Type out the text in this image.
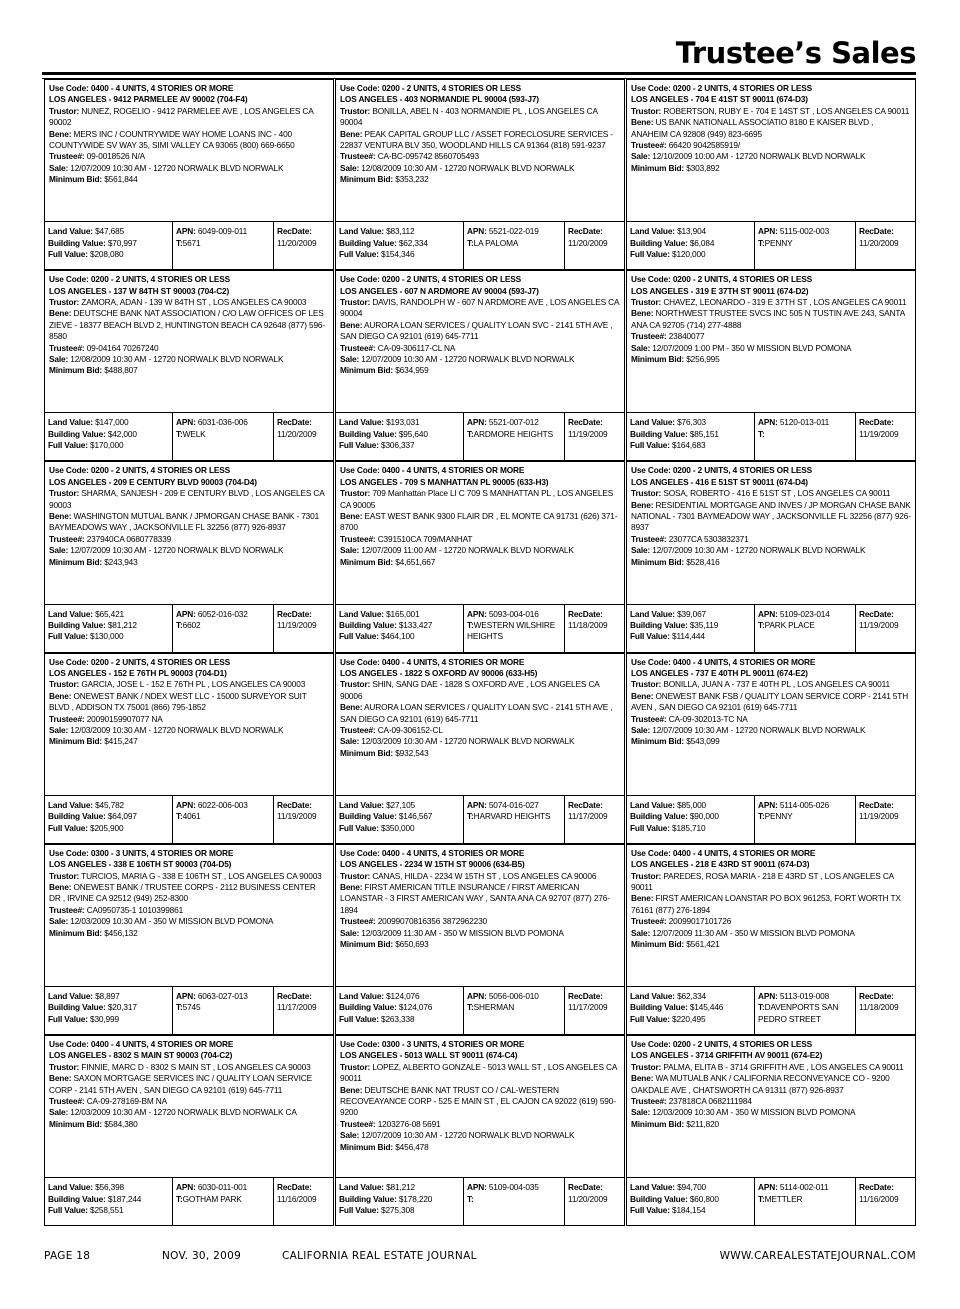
Trustee’s Sales
Use Code: 0400 - 4 UNITS, 4 STORIES OR MORE
LOS ANGELES - 9412 PARMELEE AV 90002 (704-F4)
Trustor: NUNEZ, ROGELIO - 9412 PARMELEE AVE , LOS ANGELES CA 90002
Bene: MERS INC / COUNTRYWIDE WAY HOME LOANS INC - 400 COUNTYWIDE SV WAY 35, SIMI VALLEY CA 93065 (800) 669-6650
Trustee#: 09-0018526 N/A
Sale: 12/07/2009 10:30 AM - 12720 NORWALK BLVD NORWALK
Minimum Bid: $561,844
Land Value: $47,685
Building Value: $70,997
Full Value: $208,080
APN: 6049-009-011
T:5671
RecDate:
11/20/2009
Use Code: 0200 - 2 UNITS, 4 STORIES OR LESS
LOS ANGELES - 403 NORMANDIE PL 90004 (593-J7)
Trustor: BONILLA, ABEL N - 403 NORMANDIE PL , LOS ANGELES CA 90004
Bene: PEAK CAPITAL GROUP LLC / ASSET FORECLOSURE SERVICES - 22837 VENTURA BLV 350, WOODLAND HILLS CA 91364 (818) 591-9237
Trustee#: CA-BC-095742 8560705493
Sale: 12/08/2009 10:30 AM - 12720 NORWALK BLVD NORWALK
Minimum Bid: $353,232
Land Value: $83,112
Building Value: $62,334
Full Value: $154,346
APN: 5521-022-019
T:LA PALOMA
RecDate:
11/20/2009
Use Code: 0200 - 2 UNITS, 4 STORIES OR LESS
LOS ANGELES - 704 E 41ST ST 90011 (674-D3)
Trustor: ROBERTSON, RUBY E - 704 E 14ST ST , LOS ANGELES CA 90011
Bene: US BANK NATIONALL ASSOCIATIO 8180 E KAISER BLVD , ANAHEIM CA 92808 (949) 823-6695
Trustee#: 66420 9042585919/
Sale: 12/10/2009 10:00 AM - 12720 NORWALK BLVD NORWALK
Minimum Bid: $303,892
Land Value: $13,904
Building Value: $6,084
Full Value: $120,000
APN: 5115-002-003
T:PENNY
RecDate:
11/20/2009
Use Code: 0200 - 2 UNITS, 4 STORIES OR LESS
LOS ANGELES - 137 W 84TH ST 90003 (704-C2)
Trustor: ZAMORA, ADAN - 139 W 84TH ST , LOS ANGELES CA 90003
Bene: DEUTSCHE BANK NAT ASSOCIATION / C/O LAW OFFICES OF LES ZIEVE - 18377 BEACH BLVD 2, HUNTINGTON BEACH CA 92648 (877) 596-8580
Trustee#: 09-04164 70267240
Sale: 12/08/2009 10:30 AM - 12720 NORWALK BLVD NORWALK
Minimum Bid: $488,807
Land Value: $147,000
Building Value: $42,000
Full Value: $170,000
APN: 6031-036-006
T:WELK
RecDate:
11/20/2009
Use Code: 0200 - 2 UNITS, 4 STORIES OR LESS
LOS ANGELES - 607 N ARDMORE AV 90004 (593-J7)
Trustor: DAVIS, RANDOLPH W - 607 N ARDMORE AVE , LOS ANGELES CA 90004
Bene: AURORA LOAN SERVICES / QUALITY LOAN SVC - 2141 5TH AVE , SAN DIEGO CA 92101 (619) 645-7711
Trustee#: CA-09-306117-CL NA
Sale: 12/07/2009 10:30 AM - 12720 NORWALK BLVD NORWALK
Minimum Bid: $634,959
Land Value: $193,031
Building Value: $95,640
Full Value: $306,337
APN: 5521-007-012
T:ARDMORE HEIGHTS
RecDate:
11/19/2009
Use Code: 0200 - 2 UNITS, 4 STORIES OR LESS
LOS ANGELES - 319 E 37TH ST 90011 (674-D2)
Trustor: CHAVEZ, LEONARDO - 319 E 37TH ST , LOS ANGELES CA 90011
Bene: NORTHWEST TRUSTEE SVCS INC 505 N TUSTIN AVE 243, SANTA ANA CA 92705 (714) 277-4888
Trustee#: 23840077
Sale: 12/07/2009 1:00 PM - 350 W MISSION BLVD POMONA
Minimum Bid: $256,995
Land Value: $76,303
Building Value: $85,151
Full Value: $164,683
APN: 5120-013-011
T:
RecDate:
11/19/2009
Use Code: 0200 - 2 UNITS, 4 STORIES OR LESS
LOS ANGELES - 209 E CENTURY BLVD 90003 (704-D4)
Trustor: SHARMA, SANJESH - 209 E CENTURY BLVD , LOS ANGELES CA 90003
Bene: WASHINGTON MUTUAL BANK / JPMORGAN CHASE BANK - 7301 BAYMEADOWS WAY , JACKSONVILLE FL 32256 (877) 926-8937
Trustee#: 237940CA 0680778339
Sale: 12/07/2009 10:30 AM - 12720 NORWALK BLVD NORWALK
Minimum Bid: $243,943
Land Value: $65,421
Building Value: $81,212
Full Value: $130,000
APN: 6052-016-032
T:6602
RecDate:
11/19/2009
Use Code: 0400 - 4 UNITS, 4 STORIES OR MORE
LOS ANGELES - 709 S MANHATTAN PL 90005 (633-H3)
Trustor: 709 Manhattan Place LI C 709 S MANHATTAN PL , LOS ANGELES CA 90005
Bene: EAST WEST BANK 9300 FLAIR DR , EL MONTE CA 91731 (626) 371-8700
Trustee#: C391510CA 709/MANHAT
Sale: 12/07/2009 11:00 AM - 12720 NORWALK BLVD NORWALK
Minimum Bid: $4,651,667
Land Value: $165,001
Building Value: $133,427
Full Value: $464,100
APN: 5093-004-016
T:WESTERN WILSHIRE HEIGHTS
RecDate:
11/18/2009
Use Code: 0200 - 2 UNITS, 4 STORIES OR LESS
LOS ANGELES - 416 E 51ST ST 90011 (674-D4)
Trustor: SOSA, ROBERTO - 416 E 51ST ST , LOS ANGELES CA 90011
Bene: RESIDENTIAL MORTGAGE AND INVES / JP MORGAN CHASE BANK NATIONAL - 7301 BAYMEADOW WAY , JACKSONVILLE FL 32256 (877) 926-8937
Trustee#: 23077CA 5303832371
Sale: 12/07/2009 10:30 AM - 12720 NORWALK BLVD NORWALK
Minimum Bid: $528,416
Land Value: $39,067
Building Value: $35,119
Full Value: $114,444
APN: 5109-023-014
T:PARK PLACE
RecDate:
11/19/2009
Use Code: 0200 - 2 UNITS, 4 STORIES OR LESS
LOS ANGELES - 152 E 76TH PL 90003 (704-D1)
Trustor: GARCIA, JOSE L - 152 E 76TH PL , LOS ANGELES CA 90003
Bene: ONEWEST BANK / NDEX WEST LLC - 15000 SURVEYOR SUIT BLVD , ADDISON TX 75001 (866) 795-1852
Trustee#: 20090159907077 NA
Sale: 12/03/2009 10:30 AM - 12720 NORWALK BLVD NORWALK
Minimum Bid: $415,247
Land Value: $45,782
Building Value: $64,097
Full Value: $205,900
APN: 6022-006-003
T:4061
RecDate:
11/19/2009
Use Code: 0400 - 4 UNITS, 4 STORIES OR MORE
LOS ANGELES - 1822 S OXFORD AV 90006 (633-H5)
Trustor: SHIN, SANG DAE - 1828 S OXFORD AVE , LOS ANGELES CA 90006
Bene: AURORA LOAN SERVICES / QUALITY LOAN SVC - 2141 5TH AVE , SAN DIEGO CA 92101 (619) 645-7711
Trustee#: CA-09-306152-CL
Sale: 12/03/2009 10:30 AM - 12720 NORWALK BLVD NORWALK
Minimum Bid: $932,543
Land Value: $27,105
Building Value: $146,567
Full Value: $350,000
APN: 5074-016-027
T:HARVARD HEIGHTS
RecDate:
11/17/2009
Use Code: 0400 - 4 UNITS, 4 STORIES OR MORE
LOS ANGELES - 737 E 40TH PL 90011 (674-E2)
Trustor: BONILLA, JUAN A - 737 E 40TH PL , LOS ANGELES CA 90011
Bene: ONEWEST BANK FSB / QUALITY LOAN SERVICE CORP - 2141 5TH AVEN , SAN DIEGO CA 92101 (619) 645-7711
Trustee#: CA-09-302013-TC NA
Sale: 12/07/2009 10:30 AM - 12720 NORWALK BLVD NORWALK
Minimum Bid: $543,099
Land Value: $85,000
Building Value: $90,000
Full Value: $185,710
APN: 5114-005-026
T:PENNY
RecDate:
11/19/2009
Use Code: 0300 - 3 UNITS, 4 STORIES OR MORE
LOS ANGELES - 338 E 106TH ST 90003 (704-D5)
Trustor: TURCIOS, MARIA G - 338 E 106TH ST , LOS ANGELES CA 90003
Bene: ONEWEST BANK / TRUSTEE CORPS - 2112 BUSINESS CENTER DR , IRVINE CA 92512 (949) 252-8300
Trustee#: CA0950735-1 1010399861
Sale: 12/03/2009 10:30 AM - 350 W MISSION BLVD POMONA
Minimum Bid: $456,132
Land Value: $8,897
Building Value: $20,317
Full Value: $30,999
APN: 6063-027-013
T:5745
RecDate:
11/17/2009
Use Code: 0400 - 4 UNITS, 4 STORIES OR MORE
LOS ANGELES - 2234 W 15TH ST 90006 (634-B5)
Trustor: CANAS, HILDA - 2234 W 15TH ST , LOS ANGELES CA 90006
Bene: FIRST AMERICAN TITLE INSURANCE / FIRST AMERICAN LOANSTAR - 3 FIRST AMERICAN WAY , SANTA ANA CA 92707 (877) 276-1894
Trustee#: 20099070816356 3872962230
Sale: 12/03/2009 11:30 AM - 350 W MISSION BLVD POMONA
Minimum Bid: $650,693
Land Value: $124,076
Building Value: $124,076
Full Value: $263,338
APN: 5056-006-010
T:SHERMAN
RecDate:
11/17/2009
Use Code: 0400 - 4 UNITS, 4 STORIES OR MORE
LOS ANGELES - 218 E 43RD ST 90011 (674-D3)
Trustor: PAREDES, ROSA MARIA - 218 E 43RD ST , LOS ANGELES CA 90011
Bene: FIRST AMERICAN LOANSTAR PO BOX 961253, FORT WORTH TX 76161 (877) 276-1894
Trustee#: 20099017101726
Sale: 12/07/2009 11:30 AM - 350 W MISSION BLVD POMONA
Minimum Bid: $561,421
Land Value: $62,334
Building Value: $145,446
Full Value: $220,495
APN: 5113-019-008
T:DAVENPORTS SAN PEDRO STREET
RecDate:
11/18/2009
Use Code: 0400 - 4 UNITS, 4 STORIES OR MORE
LOS ANGELES - 8302 S MAIN ST 90003 (704-C2)
Trustor: FINNIE, MARC D - 8302 S MAIN ST , LOS ANGELES CA 90003
Bene: SAXON MORTGAGE SERVICES INC / QUALITY LOAN SERVICE CORP - 2141 5TH AVEN , SAN DIEGO CA 92101 (619) 645-7711
Trustee#: CA-09-278169-BM NA
Sale: 12/03/2009 10:30 AM - 12720 NORWALK BLVD NORWALK CA
Minimum Bid: $584,380
Land Value: $56,398
Building Value: $187,244
Full Value: $258,551
APN: 6030-011-001
T:GOTHAM PARK
RecDate:
11/16/2009
Use Code: 0300 - 3 UNITS, 4 STORIES OR MORE
LOS ANGELES - 5013 WALL ST 90011 (674-C4)
Trustor: LOPEZ, ALBERTO GONZALE - 5013 WALL ST , LOS ANGELES CA 90011
Bene: DEUTSCHE BANK NAT TRUST CO / CAL-WESTERN RECOVEAYANCE CORP - 525 E MAIN ST , EL CAJON CA 92022 (619) 590-9200
Trustee#: 1203276-08 5691
Sale: 12/07/2009 10:30 AM - 12720 NORWALK BLVD NORWALK
Minimum Bid: $456,478
Land Value: $81,212
Building Value: $178,220
Full Value: $275,308
APN: 5109-004-035
T:
RecDate:
11/20/2009
Use Code: 0200 - 2 UNITS, 4 STORIES OR LESS
LOS ANGELES - 3714 GRIFFITH AV 90011 (674-E2)
Trustor: PALMA, ELITA B - 3714 GRIFFITH AVE , LOS ANGELES CA 90011
Bene: WA MUTUALB ANK / CALIFORNIA RECONVEYANCE CO - 9200 OAKDALE AVE , CHATSWORTH CA 91311 (877) 926-8937
Trustee#: 237818CA 0682111984
Sale: 12/03/2009 10:30 AM - 350 W MISSION BLVD POMONA
Minimum Bid: $211,820
Land Value: $94,700
Building Value: $60,800
Full Value: $184,154
APN: 5114-002-011
T:METTLER
RecDate:
11/16/2009
PAGE 18	NOV. 30, 2009	CALIFORNIA REAL ESTATE JOURNAL	WWW.CAREALESTATEJOURNAL.COM
